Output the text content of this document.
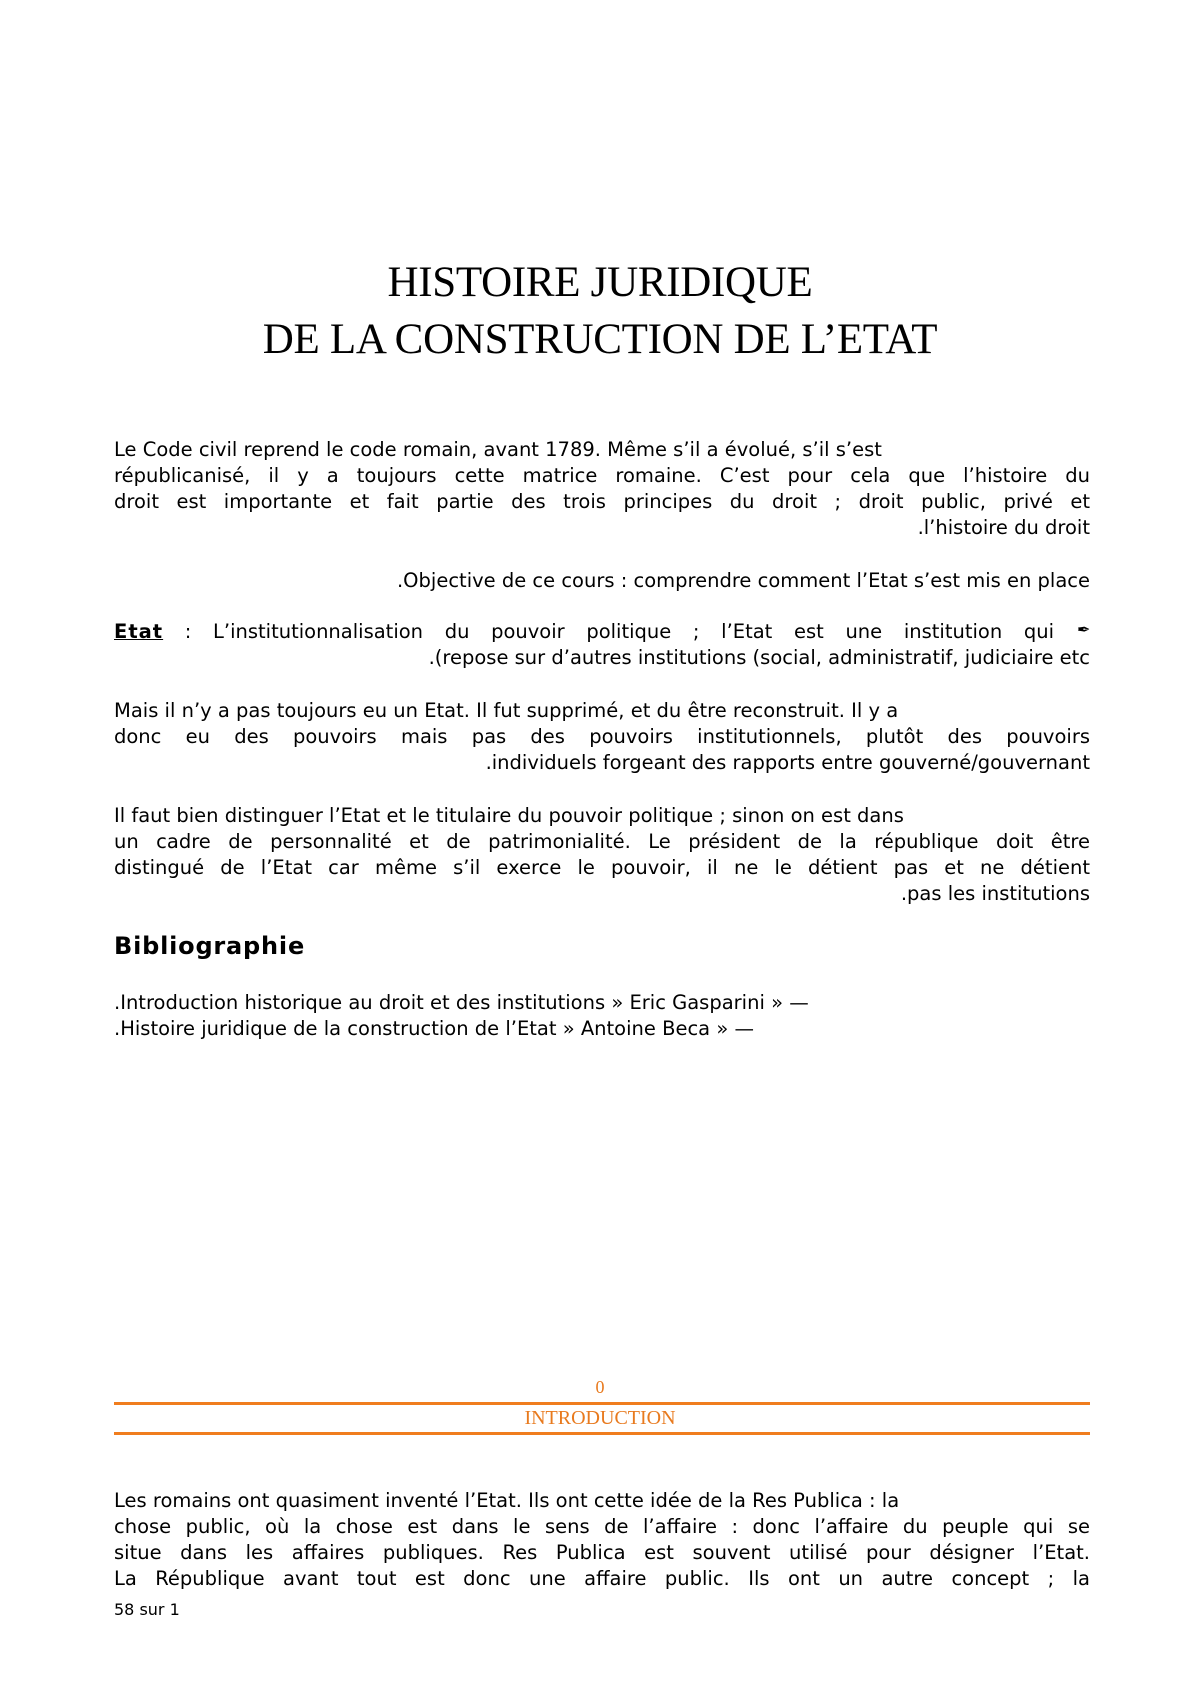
HISTOIRE JURIDIQUE
DE LA CONSTRUCTION DE L’ETAT
Le Code civil reprend le code romain, avant 1789. Même s’il a évolué, s’il s’est
républicanisé, il y a toujours cette matrice romaine. C’est pour cela que l’histoire du
droit est importante et fait partie des trois principes du droit ; droit public, privé et
.l’histoire du droit
.Objective de ce cours : comprendre comment l’Etat s’est mis en place
Etat : L’institutionnalisation du pouvoir politique ; l’Etat est une institution qui ✒
.(repose sur d’autres institutions (social, administratif, judiciaire etc
Mais il n’y a pas toujours eu un Etat. Il fut supprimé, et du être reconstruit. Il y a
donc eu des pouvoirs mais pas des pouvoirs institutionnels, plutôt des pouvoirs
.individuels forgeant des rapports entre gouverné/gouvernant
Il faut bien distinguer l’Etat et le titulaire du pouvoir politique ; sinon on est dans
un cadre de personnalité et de patrimonialité. Le président de la république doit être
distingué de l’Etat car même s’il exerce le pouvoir, il ne le détient pas et ne détient
.pas les institutions
Bibliographie
.Introduction historique au droit et des institutions » Eric Gasparini » —
.Histoire juridique de la construction de l’Etat » Antoine Beca » —
0
INTRODUCTION
Les romains ont quasiment inventé l’Etat. Ils ont cette idée de la Res Publica : la
chose public, où la chose est dans le sens de l’affaire : donc l’affaire du peuple qui se
situe dans les affaires publiques. Res Publica est souvent utilisé pour désigner l’Etat.
La République avant tout est donc une affaire public. Ils ont un autre concept ; la
58 sur 1
